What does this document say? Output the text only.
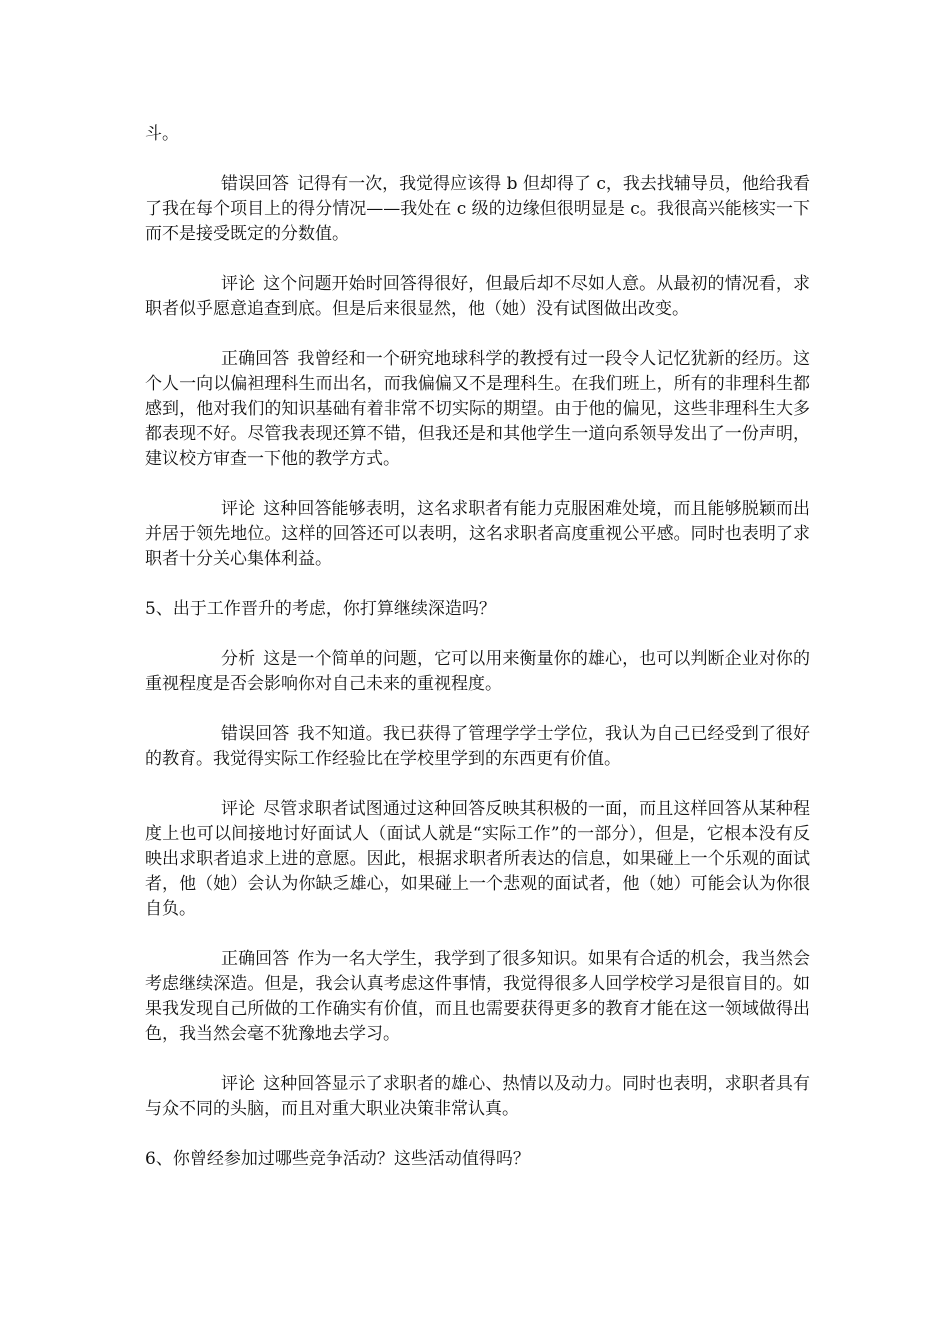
斗。

错误回答 记得有一次，我觉得应该得 b 但却得了 c，我去找辅导员，他给我看了我在每个项目上的得分情况——我处在 c 级的边缘但很明显是 c。我很高兴能核实一下而不是接受既定的分数值。

评论 这个问题开始时回答得很好，但最后却不尽如人意。从最初的情况看，求职者似乎愿意追查到底。但是后来很显然，他（她）没有试图做出改变。

正确回答 我曾经和一个研究地球科学的教授有过一段令人记忆犹新的经历。这个人一向以偏袒理科生而出名，而我偏偏又不是理科生。在我们班上，所有的非理科生都感到，他对我们的知识基础有着非常不切实际的期望。由于他的偏见，这些非理科生大多都表现不好。尽管我表现还算不错，但我还是和其他学生一道向系领导发出了一份声明，建议校方审查一下他的教学方式。

评论 这种回答能够表明，这名求职者有能力克服困难处境，而且能够脱颖而出并居于领先地位。这样的回答还可以表明，这名求职者高度重视公平感。同时也表明了求职者十分关心集体利益。

5、出于工作晋升的考虑，你打算继续深造吗？

分析 这是一个简单的问题，它可以用来衡量你的雄心，也可以判断企业对你的重视程度是否会影响你对自己未来的重视程度。

错误回答 我不知道。我已获得了管理学学士学位，我认为自己已经受到了很好的教育。我觉得实际工作经验比在学校里学到的东西更有价值。

评论 尽管求职者试图通过这种回答反映其积极的一面，而且这样回答从某种程度上也可以间接地讨好面试人（面试人就是“实际工作”的一部分），但是，它根本没有反映出求职者追求上进的意愿。因此，根据求职者所表达的信息，如果碰上一个乐观的面试者，他（她）会认为你缺乏雄心，如果碰上一个悲观的面试者，他（她）可能会认为你很自负。

正确回答 作为一名大学生，我学到了很多知识。如果有合适的机会，我当然会考虑继续深造。但是，我会认真考虑这件事情，我觉得很多人回学校学习是很盲目的。如果我发现自己所做的工作确实有价值，而且也需要获得更多的教育才能在这一领域做得出色，我当然会毫不犹豫地去学习。

评论 这种回答显示了求职者的雄心、热情以及动力。同时也表明，求职者具有与众不同的头脑，而且对重大职业决策非常认真。

6、你曾经参加过哪些竞争活动？这些活动值得吗？
